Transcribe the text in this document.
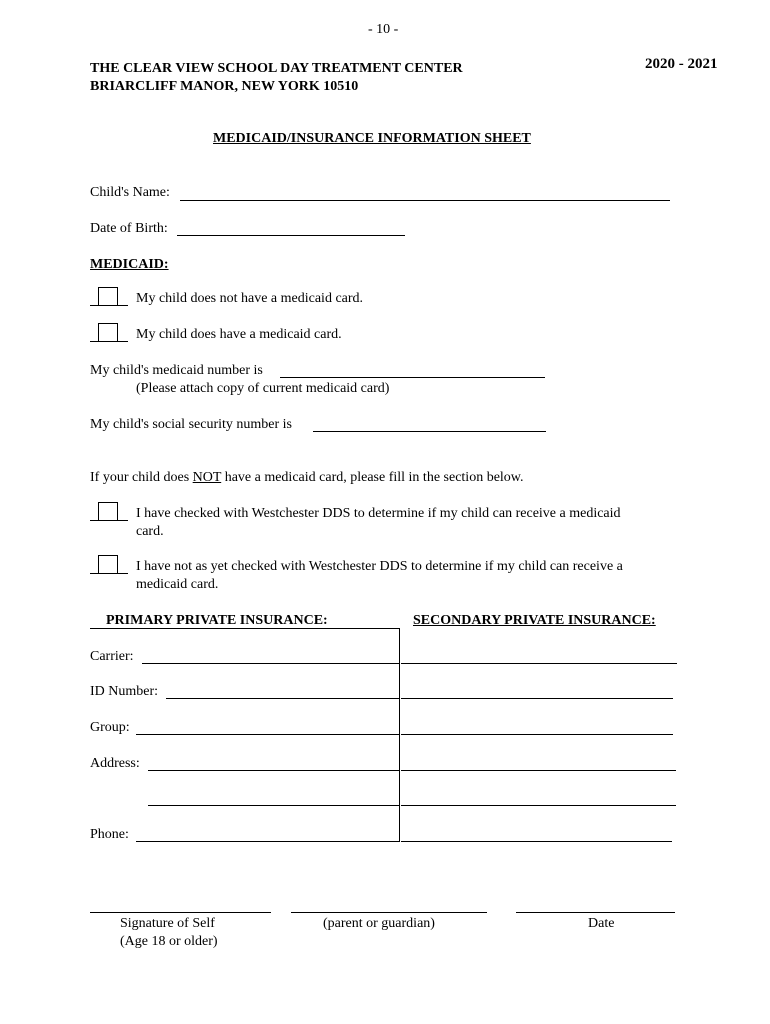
- 10 -
THE CLEAR VIEW SCHOOL DAY TREATMENT CENTER
BRIARCLIFF MANOR, NEW YORK 10510
2020 - 2021
MEDICAID/INSURANCE INFORMATION SHEET
Child's Name:
Date of Birth:
MEDICAID:
My child does not have a medicaid card.
My child does have a medicaid card.
My child's medicaid number is
(Please attach copy of current medicaid card)
My child's social security number is
If your child does NOT have a medicaid card, please fill in the section below.
I have checked with Westchester DDS to determine if my child can receive a medicaid
card.
I have not as yet checked with Westchester DDS to determine if my child can receive a
medicaid card.
PRIMARY PRIVATE INSURANCE:	SECONDARY PRIVATE INSURANCE:
Carrier:
ID Number:
Group:
Address:
Phone:
Signature of Self
(Age 18 or older)
(parent or guardian)	Date
